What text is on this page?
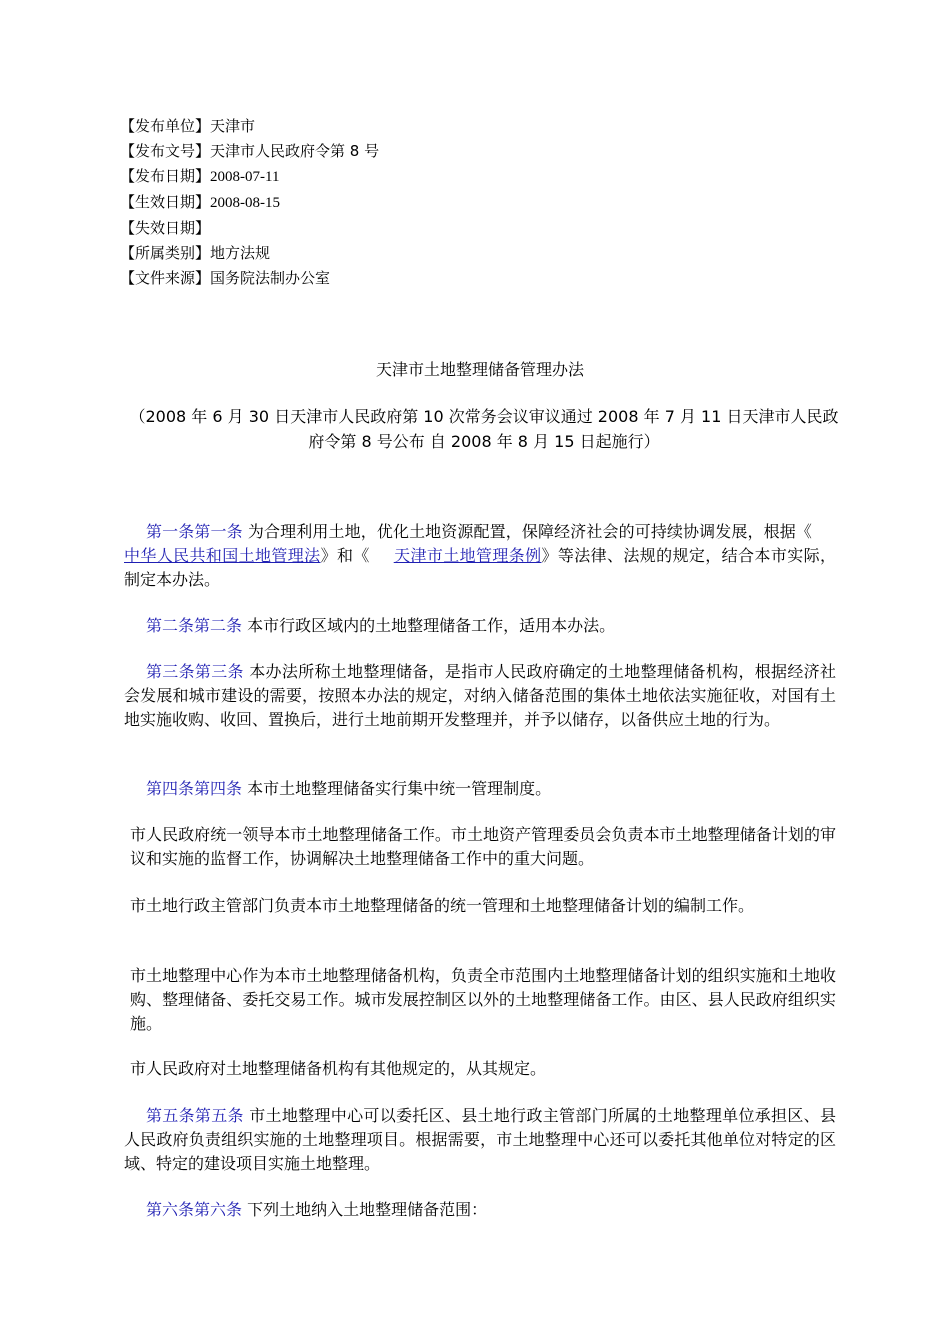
【发布单位】天津市
【发布文号】天津市人民政府令第 8 号
【发布日期】2008-07-11
【生效日期】2008-08-15
【失效日期】
【所属类别】地方法规
【文件来源】国务院法制办公室
天津市土地整理储备管理办法
（2008 年 6 月 30 日天津市人民政府第 10 次常务会议审议通过 2008 年 7 月 11 日天津市人民政府令第 8 号公布 自 2008 年 8 月 15 日起施行）
第一条第一条 为合理利用土地，优化土地资源配置，保障经济社会的可持续协调发展，根据《中华人民共和国土地管理法》和《 天津市土地管理条例》等法律、法规的规定，结合本市实际，制定本办法。
第二条第二条 本市行政区域内的土地整理储备工作，适用本办法。
第三条第三条 本办法所称土地整理储备，是指市人民政府确定的土地整理储备机构，根据经济社会发展和城市建设的需要，按照本办法的规定，对纳入储备范围的集体土地依法实施征收，对国有土地实施收购、收回、置换后，进行土地前期开发整理并，并予以储存，以备供应土地的行为。
第四条第四条 本市土地整理储备实行集中统一管理制度。
市人民政府统一领导本市土地整理储备工作。市土地资产管理委员会负责本市土地整理储备计划的审议和实施的监督工作，协调解决土地整理储备工作中的重大问题。
市土地行政主管部门负责本市土地整理储备的统一管理和土地整理储备计划的编制工作。
市土地整理中心作为本市土地整理储备机构，负责全市范围内土地整理储备计划的组织实施和土地收购、整理储备、委托交易工作。城市发展控制区以外的土地整理储备工作。由区、县人民政府组织实施。
市人民政府对土地整理储备机构有其他规定的，从其规定。
第五条第五条 市土地整理中心可以委托区、县土地行政主管部门所属的土地整理单位承担区、县人民政府负责组织实施的土地整理项目。根据需要，市土地整理中心还可以委托其他单位对特定的区域、特定的建设项目实施土地整理。
第六条第六条 下列土地纳入土地整理储备范围：
